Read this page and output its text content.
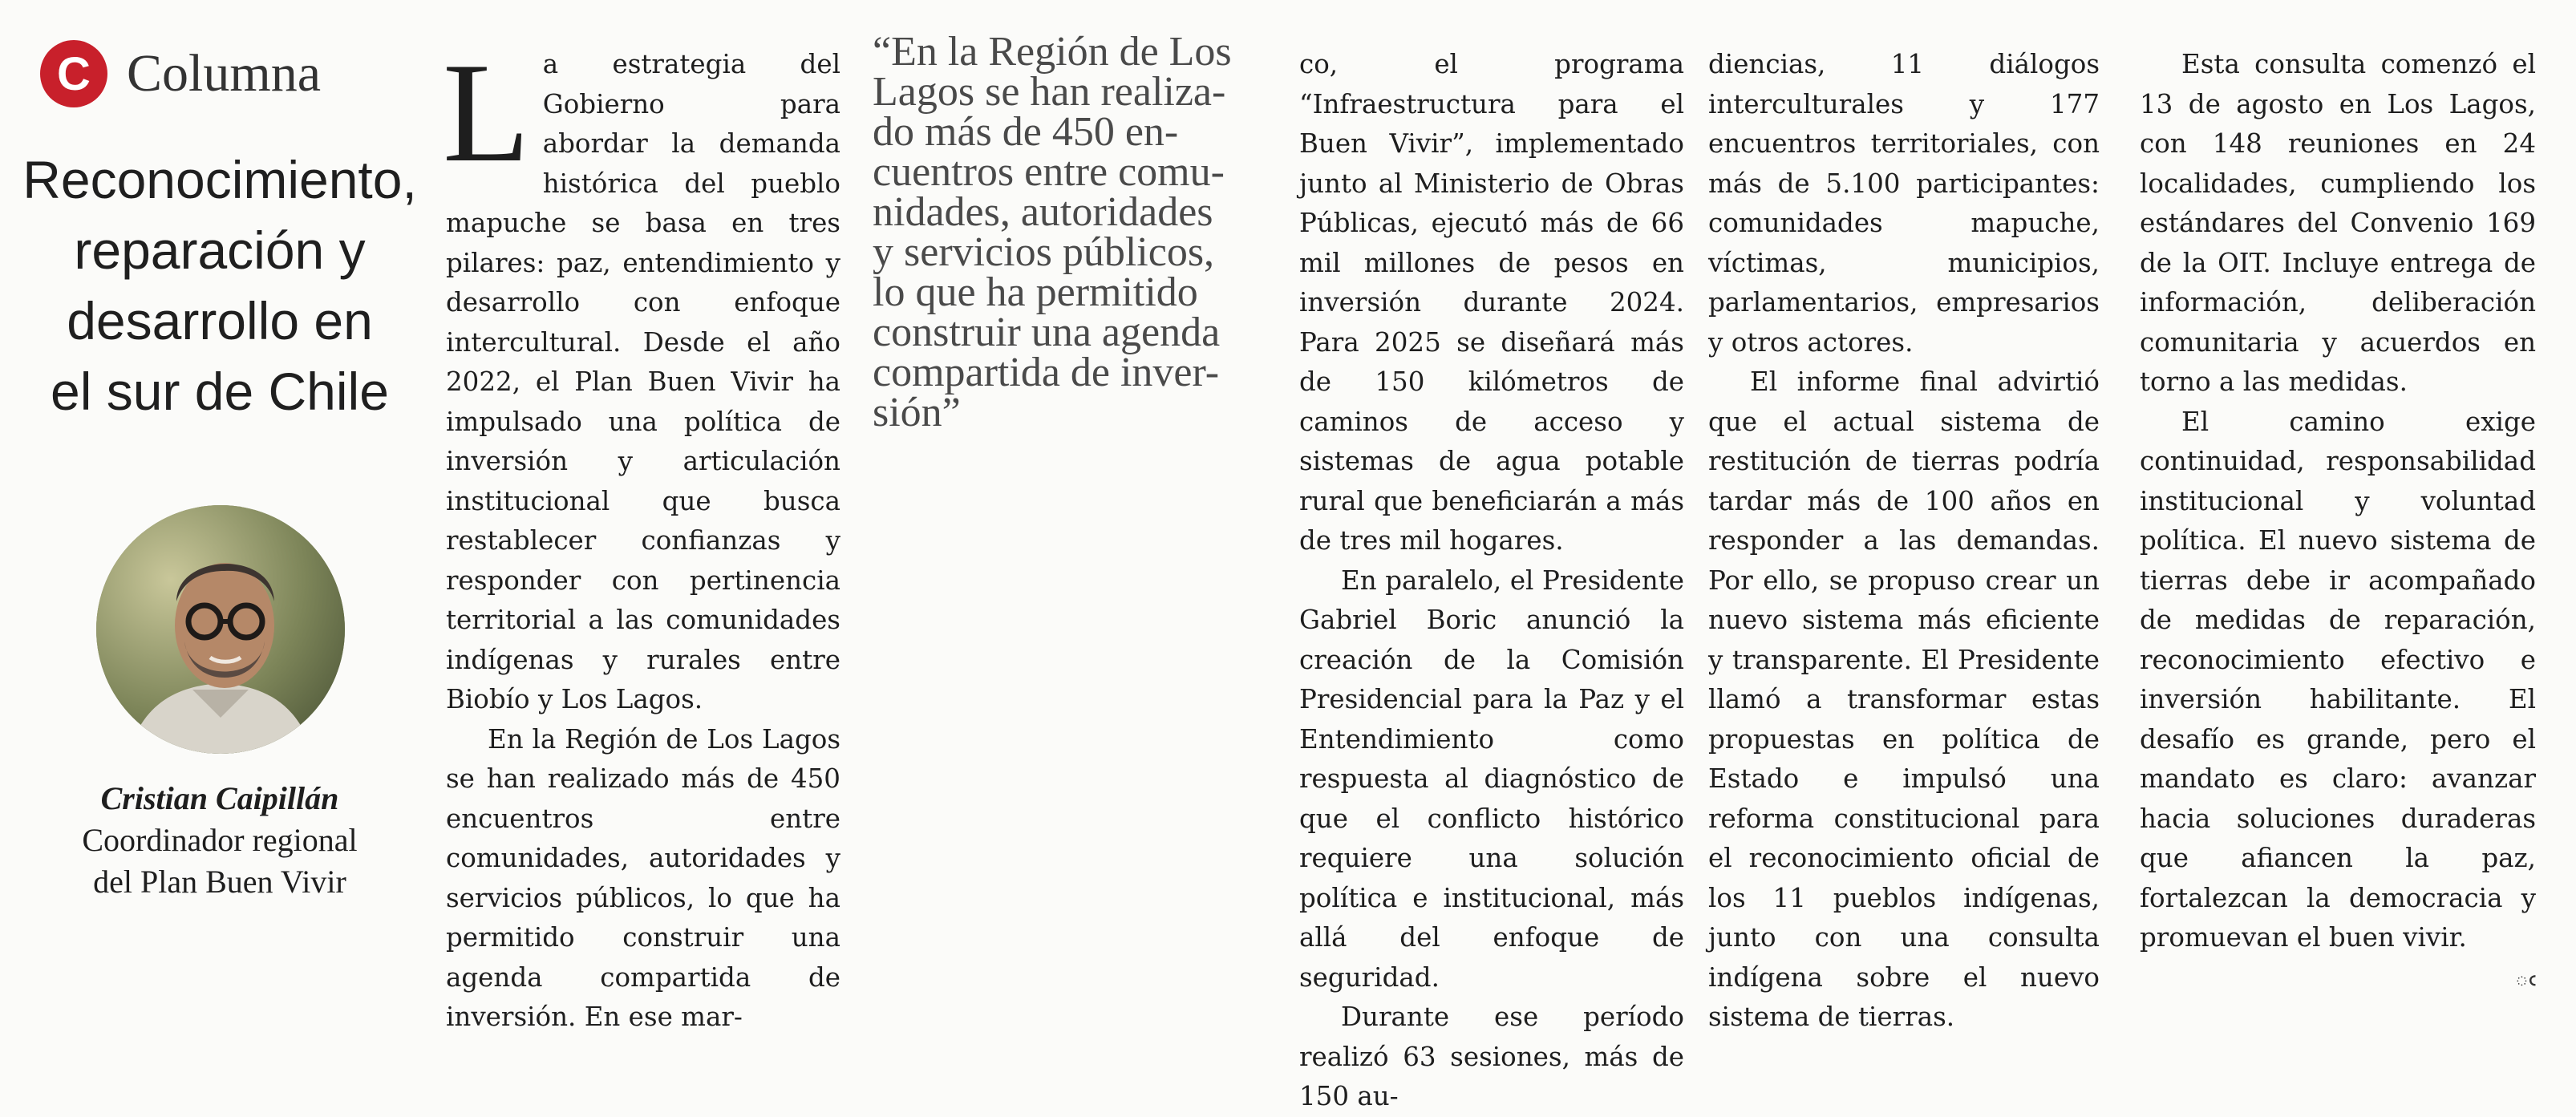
C Columna
Reconocimiento,
reparación y
desarrollo en
el sur de Chile
Cristian Caipillán
Coordinador regional
del Plan Buen Vivir
L a estrategia del Gobierno para abordar la demanda histórica del pueblo mapuche se basa en tres pilares: paz, entendimiento y desarrollo con enfoque intercultural. Desde el año 2022, el Plan Buen Vivir ha impulsado una política de inversión y articulación institucional que busca restablecer confianzas y responder con pertinencia territorial a las comunidades indígenas y rurales entre Biobío y Los Lagos.

En la Región de Los Lagos se han realizado más de 450 encuentros entre comunidades, autoridades y servicios públicos, lo que ha permitido construir una agenda compartida de inversión. En ese mar-

“En la Región de Los
Lagos se han realiza-
do más de 450 en-
cuentros entre comu-
nidades, autoridades
y servicios públicos,
lo que ha permitido
construir una agenda
compartida de inver-
sión”

co, el programa “Infraestructura para el Buen Vivir”, implementado junto al Ministerio de Obras Públicas, ejecutó más de 66 mil millones de pesos en inversión durante 2024. Para 2025 se diseñará más de 150 kilómetros de caminos de acceso y sistemas de agua potable rural que beneficiarán a más de tres mil hogares.

En paralelo, el Presidente Gabriel Boric anunció la creación de la Comisión Presidencial para la Paz y el Entendimiento como respuesta al diagnóstico de que el conflicto histórico requiere una solución política e institucional, más allá del enfoque de seguridad.

Durante ese período realizó 63 sesiones, más de 150 au-

diencias, 11 diálogos interculturales y 177 encuentros territoriales, con más de 5.100 participantes: comunidades mapuche, víctimas, municipios, parlamentarios, empresarios y otros actores.

El informe final advirtió que el actual sistema de restitución de tierras podría tardar más de 100 años en responder a las demandas. Por ello, se propuso crear un nuevo sistema más eficiente y transparente. El Presidente llamó a transformar estas propuestas en política de Estado e impulsó una reforma constitucional para el reconocimiento oficial de los 11 pueblos indígenas, junto con una consulta indígena sobre el nuevo sistema de tierras.

Esta consulta comenzó el 13 de agosto en Los Lagos, con 148 reuniones en 24 localidades, cumpliendo los estándares del Convenio 169 de la OIT. Incluye entrega de información, deliberación comunitaria y acuerdos en torno a las medidas.

El camino exige continuidad, responsabilidad institucional y voluntad política. El nuevo sistema de tierras debe ir acompañado de medidas de reparación, reconocimiento efectivo e inversión habilitante. El desafío es grande, pero el mandato es claro: avanzar hacia soluciones duraderas que afiancen la paz, fortalezcan la democracia y promuevan el buen vivir.

ఁ
